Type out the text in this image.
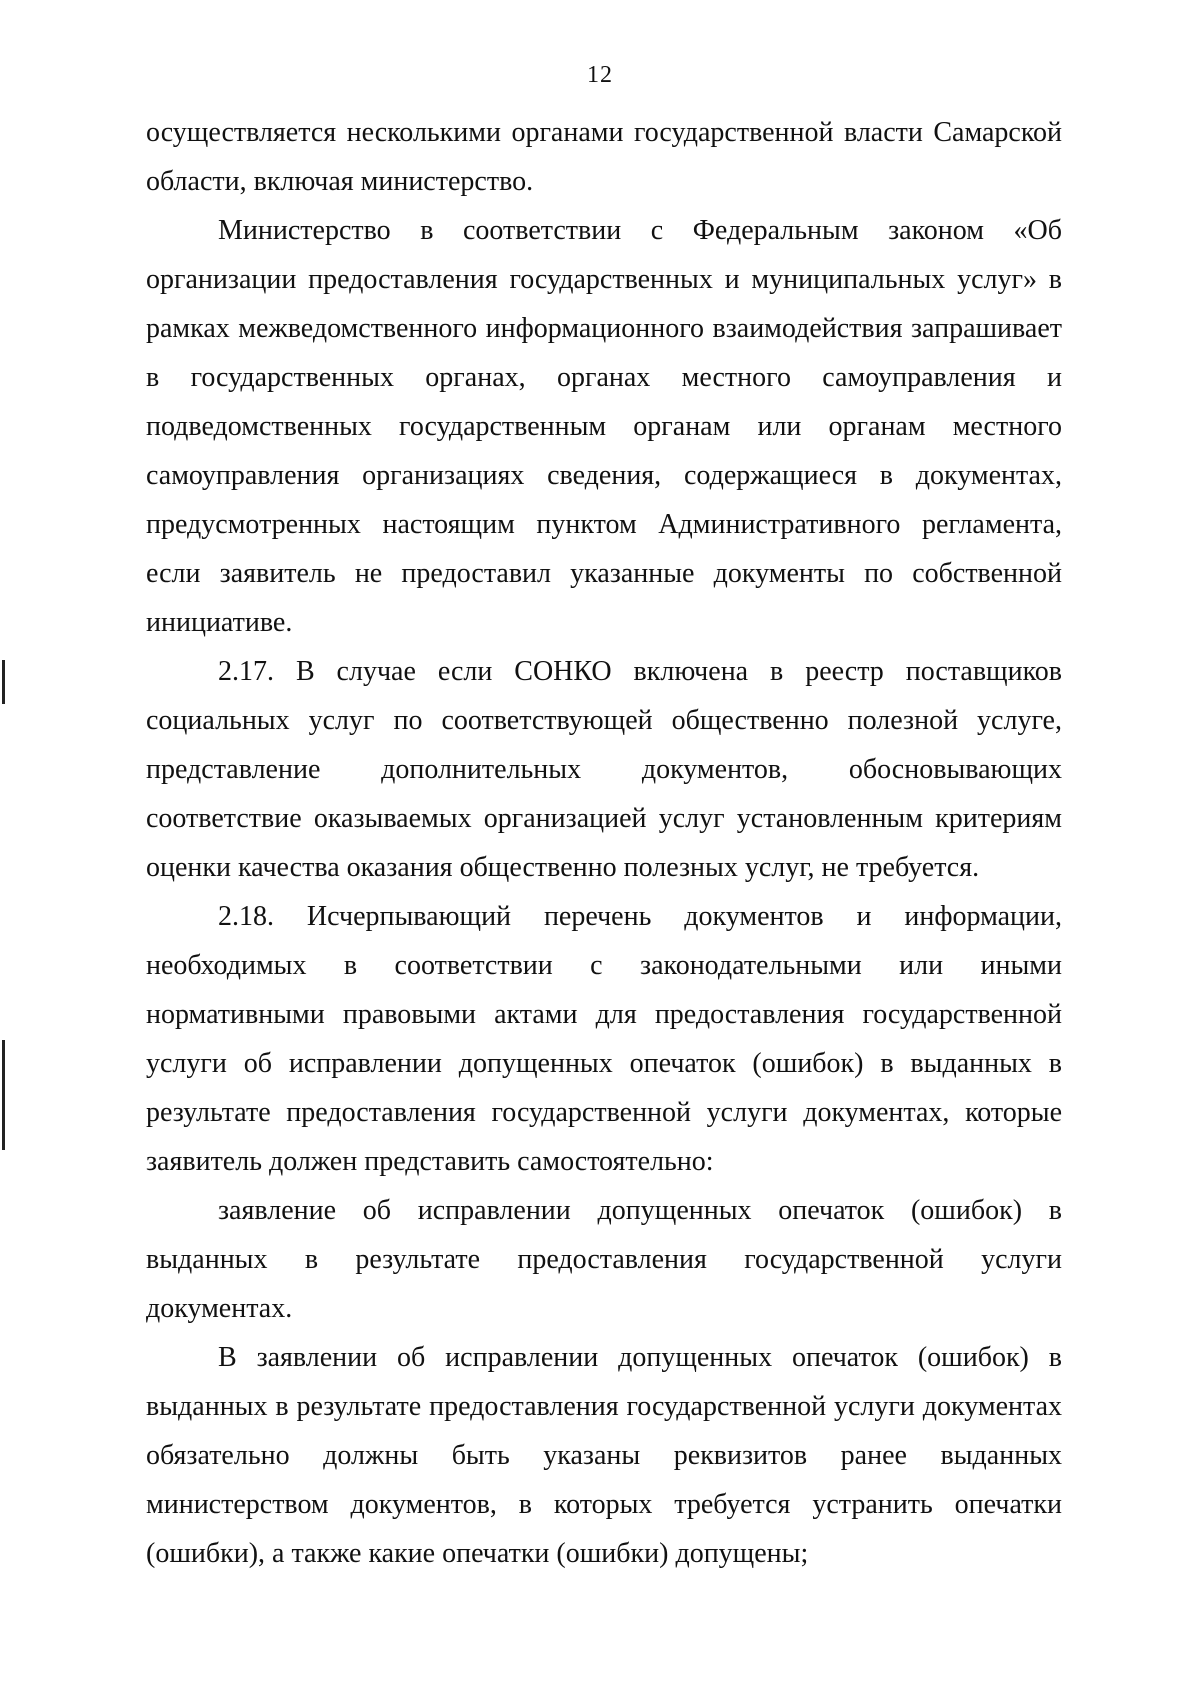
12

осуществляется несколькими органами государственной власти Самарской области, включая министерство.

Министерство в соответствии с Федеральным законом «Об организации предоставления государственных и муниципальных услуг» в рамках межведомственного информационного взаимодействия запрашивает в государственных органах, органах местного самоуправления и подведомственных государственным органам или органам местного самоуправления организациях сведения, содержащиеся в документах, предусмотренных настоящим пунктом Административного регламента, если заявитель не предоставил указанные документы по собственной инициативе.

2.17. В случае если СОНКО включена в реестр поставщиков социальных услуг по соответствующей общественно полезной услуге, представление дополнительных документов, обосновывающих соответствие оказываемых организацией услуг установленным критериям оценки качества оказания общественно полезных услуг, не требуется.

2.18. Исчерпывающий перечень документов и информации, необходимых в соответствии с законодательными или иными нормативными правовыми актами для предоставления государственной услуги об исправлении допущенных опечаток (ошибок) в выданных в результате предоставления государственной услуги документах, которые заявитель должен представить самостоятельно:

заявление об исправлении допущенных опечаток (ошибок) в выданных в результате предоставления государственной услуги документах.

В заявлении об исправлении допущенных опечаток (ошибок) в выданных в результате предоставления государственной услуги документах обязательно должны быть указаны реквизитов ранее выданных министерством документов, в которых требуется устранить опечатки (ошибки), а также какие опечатки (ошибки) допущены;
